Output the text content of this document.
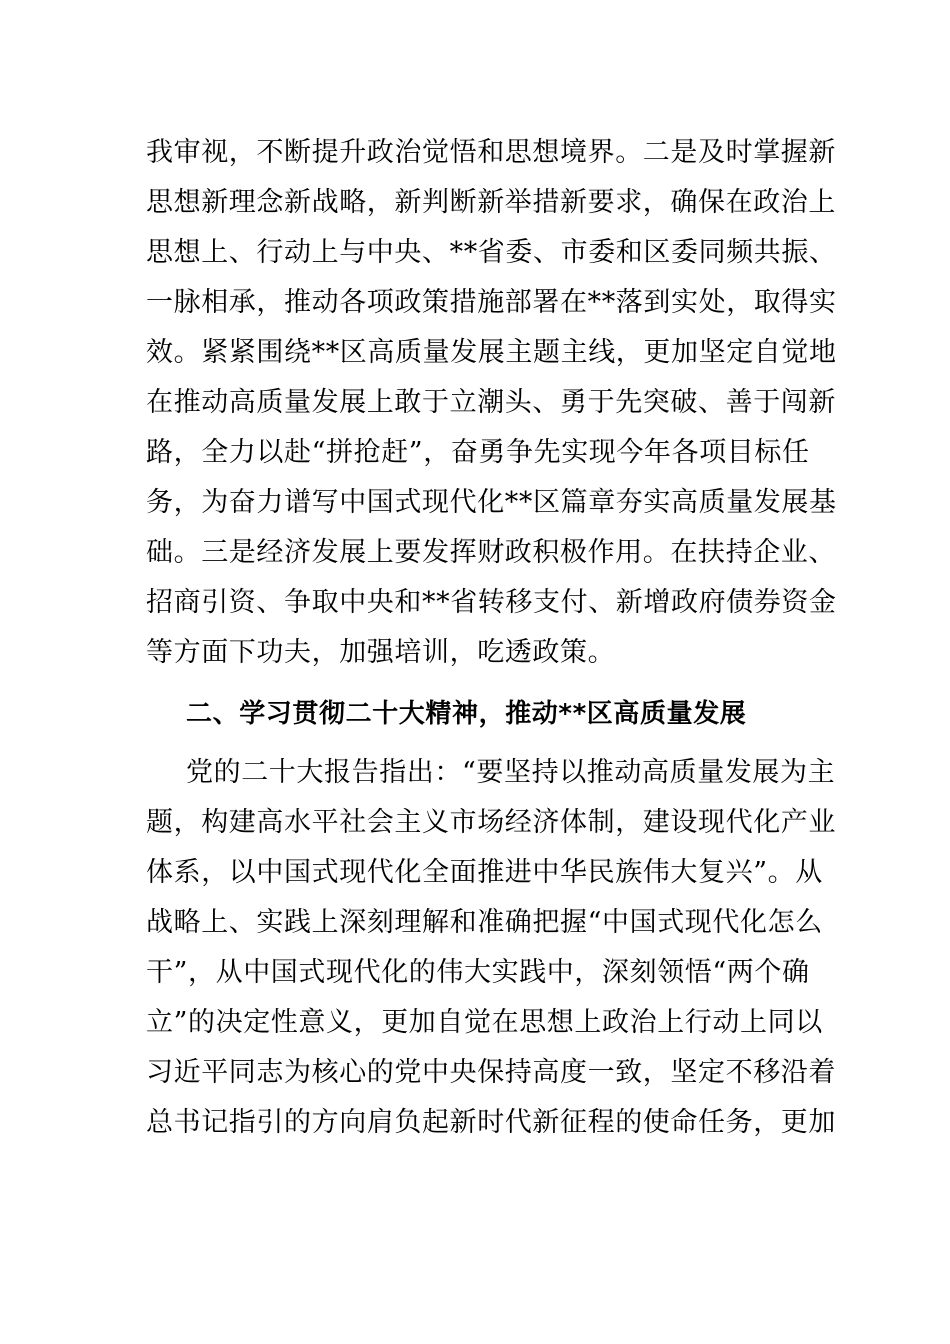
我审视，不断提升政治觉悟和思想境界。二是及时掌握新
思想新理念新战略，新判断新举措新要求，确保在政治上
思想上、行动上与中央、**省委、市委和区委同频共振、
一脉相承，推动各项政策措施部署在**落到实处，取得实
效。紧紧围绕**区高质量发展主题主线，更加坚定自觉地
在推动高质量发展上敢于立潮头、勇于先突破、善于闯新
路，全力以赴“拼抢赶”，奋勇争先实现今年各项目标任
务，为奋力谱写中国式现代化**区篇章夯实高质量发展基
础。三是经济发展上要发挥财政积极作用。在扶持企业、
招商引资、争取中央和**省转移支付、新增政府债券资金
等方面下功夫，加强培训，吃透政策。
二、学习贯彻二十大精神，推动**区高质量发展
党的二十大报告指出：“要坚持以推动高质量发展为主
题，构建高水平社会主义市场经济体制，建设现代化产业
体系，以中国式现代化全面推进中华民族伟大复兴”。从
战略上、实践上深刻理解和准确把握“中国式现代化怎么
干”，从中国式现代化的伟大实践中，深刻领悟“两个确
立”的决定性意义，更加自觉在思想上政治上行动上同以
习近平同志为核心的党中央保持高度一致，坚定不移沿着
总书记指引的方向肩负起新时代新征程的使命任务，更加
